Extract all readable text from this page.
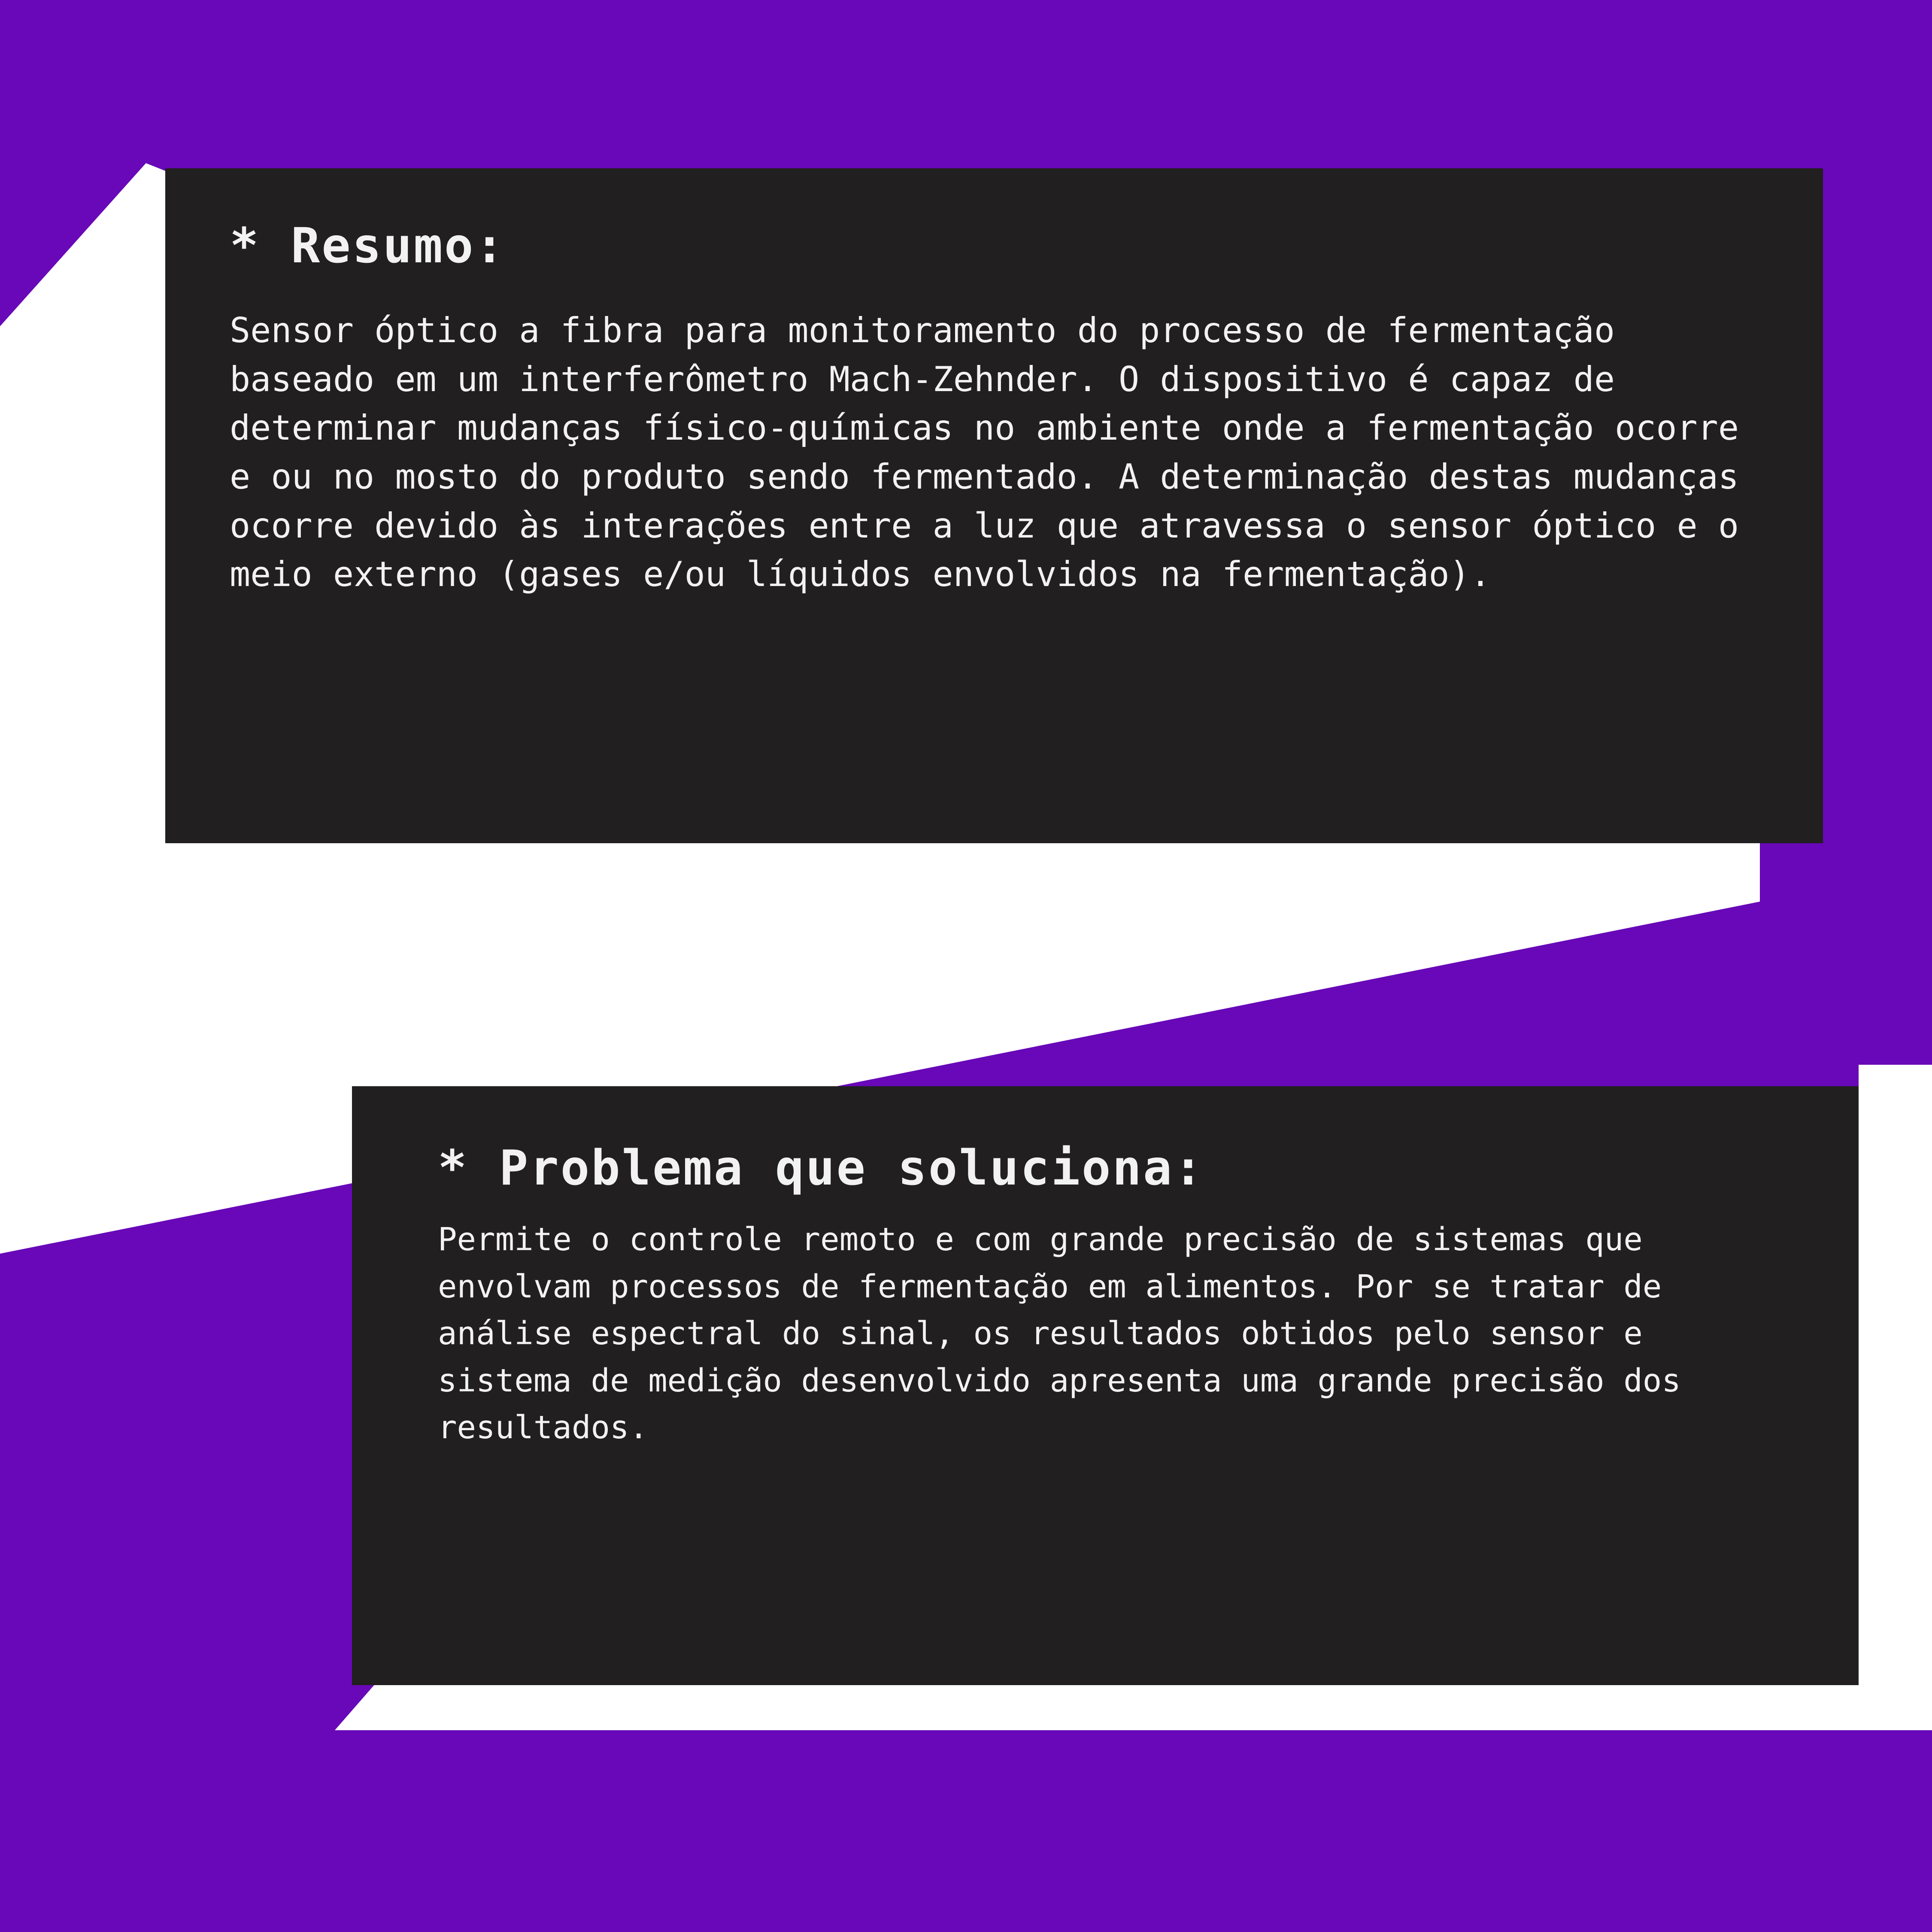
* Resumo:

Sensor óptico a fibra para monitoramento do processo de fermentação baseado em um interferômetro Mach-Zehnder. O dispositivo é capaz de determinar mudanças físico-químicas no ambiente onde a fermentação ocorre e ou no mosto do produto sendo fermentado. A determinação destas mudanças ocorre devido às interações entre a luz que atravessa o sensor óptico e o meio externo (gases e/ou líquidos envolvidos na fermentação).

* Problema que soluciona:

Permite o controle remoto e com grande precisão de sistemas que envolvam processos de fermentação em alimentos. Por se tratar de análise espectral do sinal, os resultados obtidos pelo sensor e sistema de medição desenvolvido apresenta uma grande precisão dos resultados.
